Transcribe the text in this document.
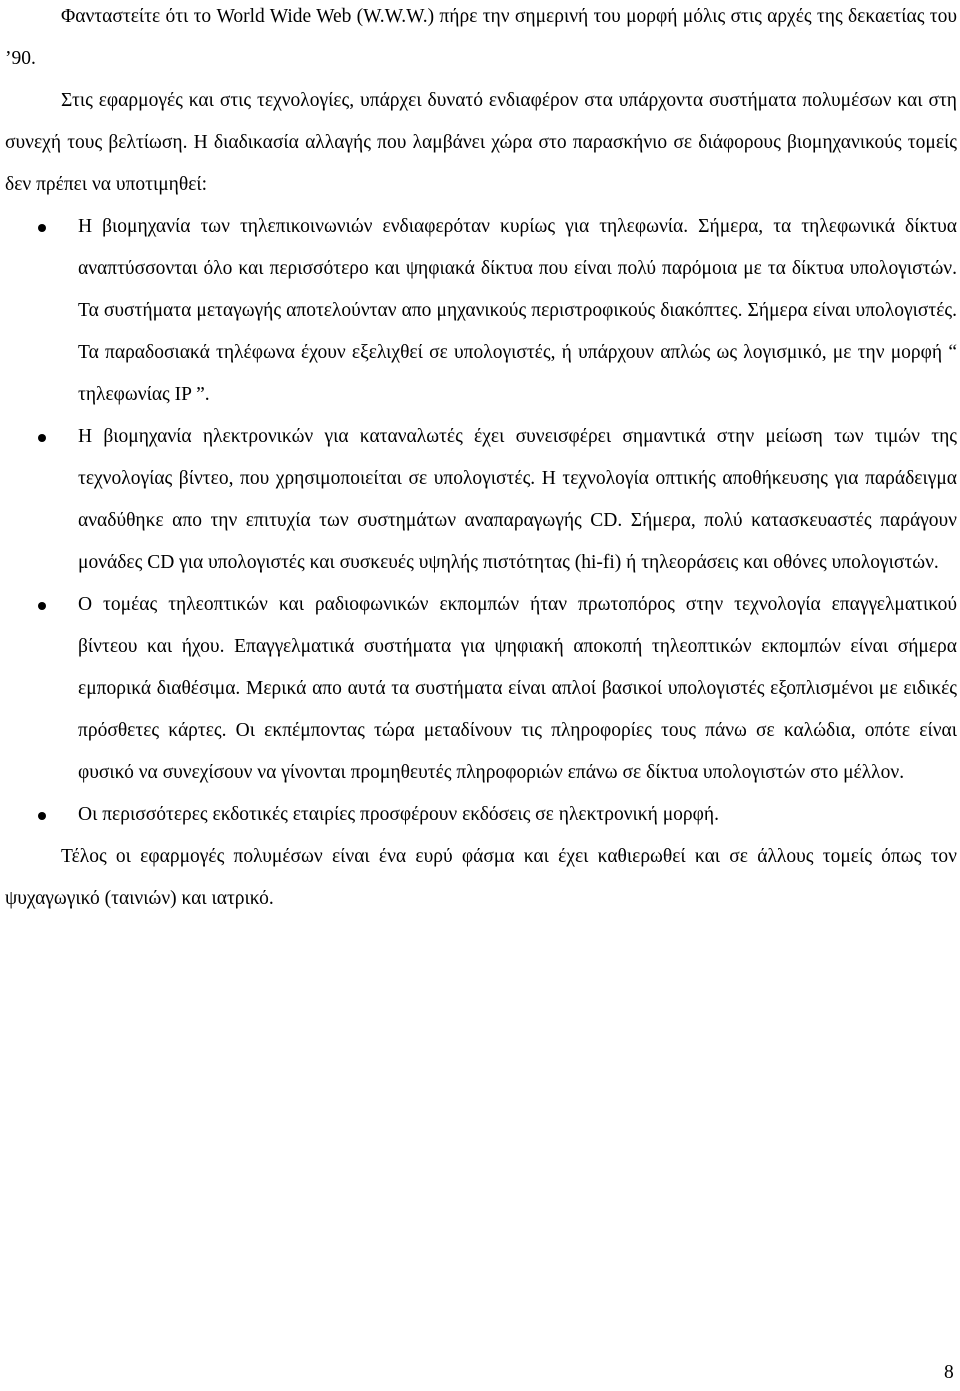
Φανταστείτε ότι το World Wide Web (W.W.W.) πήρε την σημερινή του μορφή μόλις στις αρχές της δεκαετίας του ’90.

Στις εφαρμογές και στις τεχνολογίες, υπάρχει δυνατό ενδιαφέρον στα υπάρχοντα συστήματα πολυμέσων και στη συνεχή τους βελτίωση. Η διαδικασία αλλαγής που λαμβάνει χώρα στο παρασκήνιο σε διάφορους βιομηχανικούς τομείς δεν πρέπει να υποτιμηθεί:

Η βιομηχανία των τηλεπικοινωνιών ενδιαφερόταν κυρίως για τηλεφωνία. Σήμερα, τα τηλεφωνικά δίκτυα αναπτύσσονται όλο και περισσότερο και ψηφιακά δίκτυα που είναι πολύ παρόμοια με τα δίκτυα υπολογιστών. Τα συστήματα μεταγωγής αποτελούνταν απο μηχανικούς περιστροφικούς διακόπτες. Σήμερα είναι υπολογιστές. Τα παραδοσιακά τηλέφωνα έχουν εξελιχθεί σε υπολογιστές, ή υπάρχουν απλώς ως λογισμικό, με την μορφή “ τηλεφωνίας IP ”.
Η βιομηχανία ηλεκτρονικών για καταναλωτές έχει συνεισφέρει σημαντικά στην μείωση των τιμών της τεχνολογίας βίντεο, που χρησιμοποιείται σε υπολογιστές. Η τεχνολογία οπτικής αποθήκευσης για παράδειγμα αναδύθηκε απο την επιτυχία των συστημάτων αναπαραγωγής CD. Σήμερα, πολύ κατασκευαστές παράγουν μονάδες CD για υπολογιστές και συσκευές υψηλής πιστότητας (hi-fi) ή τηλεοράσεις και οθόνες υπολογιστών.
Ο τομέας τηλεοπτικών και ραδιοφωνικών εκπομπών ήταν πρωτοπόρος στην τεχνολογία επαγγελματικού βίντεου και ήχου. Επαγγελματικά συστήματα για ψηφιακή αποκοπή τηλεοπτικών εκπομπών είναι σήμερα εμπορικά διαθέσιμα. Μερικά απο αυτά τα συστήματα είναι απλοί βασικοί υπολογιστές εξοπλισμένοι με ειδικές πρόσθετες κάρτες. Οι εκπέμποντας τώρα μεταδίνουν τις πληροφορίες τους πάνω σε καλώδια, οπότε είναι φυσικό να συνεχίσουν να γίνονται προμηθευτές πληροφοριών επάνω σε δίκτυα υπολογιστών στο μέλλον.
Οι περισσότερες εκδοτικές εταιρίες προσφέρουν εκδόσεις σε ηλεκτρονική μορφή.

Τέλος οι εφαρμογές πολυμέσων είναι ένα ευρύ φάσμα και έχει καθιερωθεί και σε άλλους τομείς όπως τον ψυχαγωγικό (ταινιών) και ιατρικό.

8
